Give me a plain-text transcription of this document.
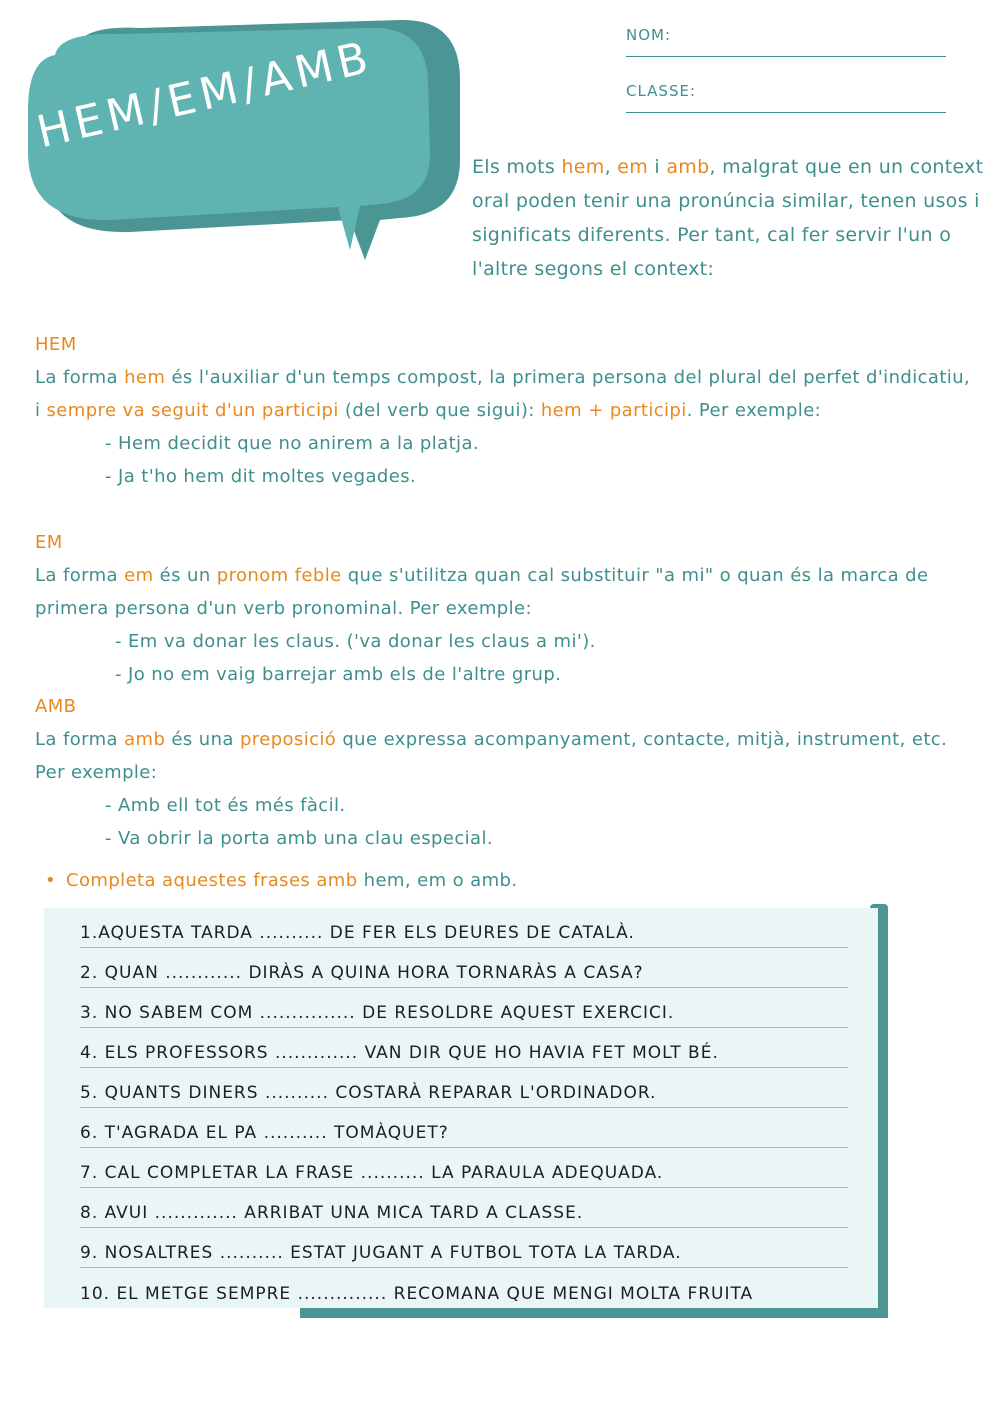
HEM/EM/AMB	NOM:
CLASSE:
Els mots hem, em i amb, malgrat que en un context oral poden tenir una pronúncia similar, tenen usos i significats diferents. Per tant, cal fer servir l'un o l'altre segons el context:
HEM
La forma hem és l'auxiliar d'un temps compost, la primera persona del plural del perfet d'indicatiu, i sempre va seguit d'un participi (del verb que sigui): hem + participi. Per exemple:
- Hem decidit que no anirem a la platja.
- Ja t'ho hem dit moltes vegades.
EM
La forma em és un pronom feble que s'utilitza quan cal substituir "a mi" o quan és la marca de primera persona d'un verb pronominal. Per exemple:
- Em va donar les claus. ('va donar les claus a mi').
- Jo no em vaig barrejar amb els de l'altre grup.
AMB
La forma amb és una preposició que expressa acompanyament, contacte, mitjà, instrument, etc. Per exemple:
- Amb ell tot és més fàcil.
- Va obrir la porta amb una clau especial.
• Completa aquestes frases amb hem, em o amb.
1.AQUESTA TARDA .......... DE FER ELS DEURES DE CATALÀ.
2. QUAN ............ DIRÀS A QUINA HORA TORNARÀS A CASA?
3. NO SABEM COM ............... DE RESOLDRE AQUEST EXERCICI.
4. ELS PROFESSORS ............. VAN DIR QUE HO HAVIA FET MOLT BÉ.
5. QUANTS DINERS .......... COSTARÀ REPARAR L'ORDINADOR.
6. T'AGRADA EL PA .......... TOMÀQUET?
7. CAL COMPLETAR LA FRASE .......... LA PARAULA ADEQUADA.
8. AVUI ............. ARRIBAT UNA MICA TARD A CLASSE.
9. NOSALTRES .......... ESTAT JUGANT A FUTBOL TOTA LA TARDA.
10. EL METGE SEMPRE .............. RECOMANA QUE MENGI MOLTA FRUITA
